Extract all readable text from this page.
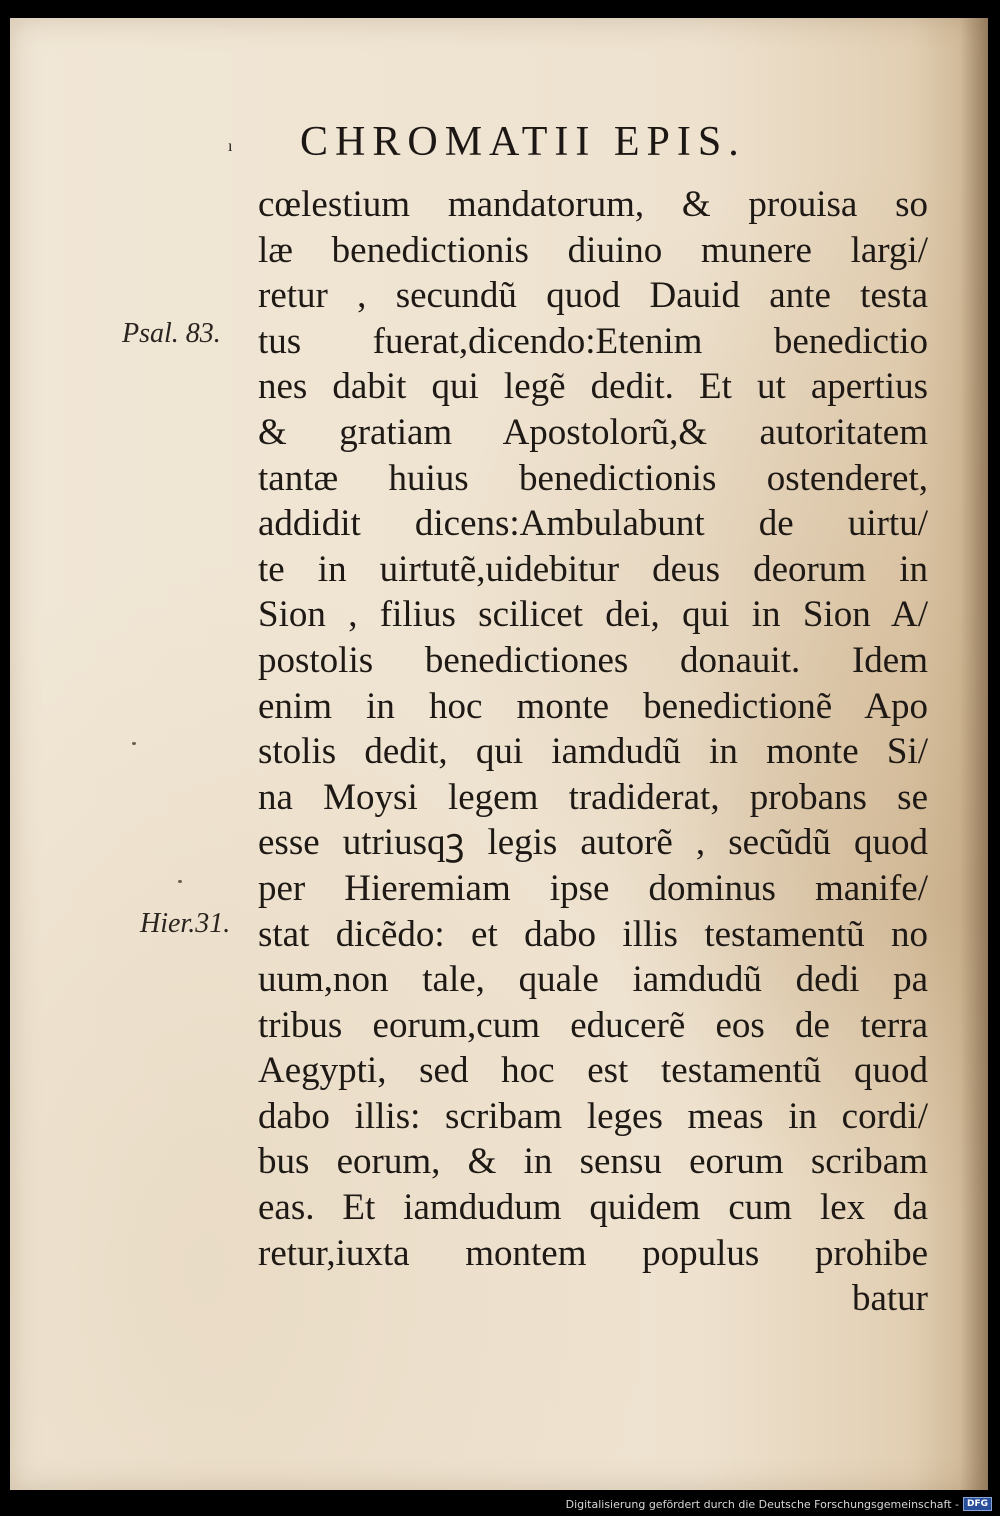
ı CHROMATII EPIS.
Psal. 83.
Hier.31.
cœlestium mandatorum, & prouisa so
læ benedictionis diuino munere largi/
retur , secundũ quod Dauid ante testa
tus fuerat,dicendo:Etenim benedictio
nes dabit qui legẽ dedit. Et ut apertius
& gratiam Apostolorũ,& autoritatem
tantæ huius benedictionis ostenderet,
addidit dicens:Ambulabunt de uirtu/
te in uirtutẽ,uidebitur deus deorum in
Sion , filius scilicet dei, qui in Sion A/
postolis benedictiones donauit. Idem
enim in hoc monte benedictionẽ Apo
stolis dedit, qui iamdudũ in monte Si/
na Moysi legem tradiderat, probans se
esse utriusqꝫ legis autorẽ , secũdũ quod
per Hieremiam ipse dominus manife/
stat dicẽdo: et dabo illis testamentũ no
uum,non tale, quale iamdudũ dedi pa
tribus eorum,cum educerẽ eos de terra
Aegypti, sed hoc est testamentũ quod
dabo illis: scribam leges meas in cordi/
bus eorum, & in sensu eorum scribam
eas. Et iamdudum quidem cum lex da
retur,iuxta montem populus prohibe
batur
Digitalisierung gefördert durch die Deutsche Forschungsgemeinschaft - DFG
